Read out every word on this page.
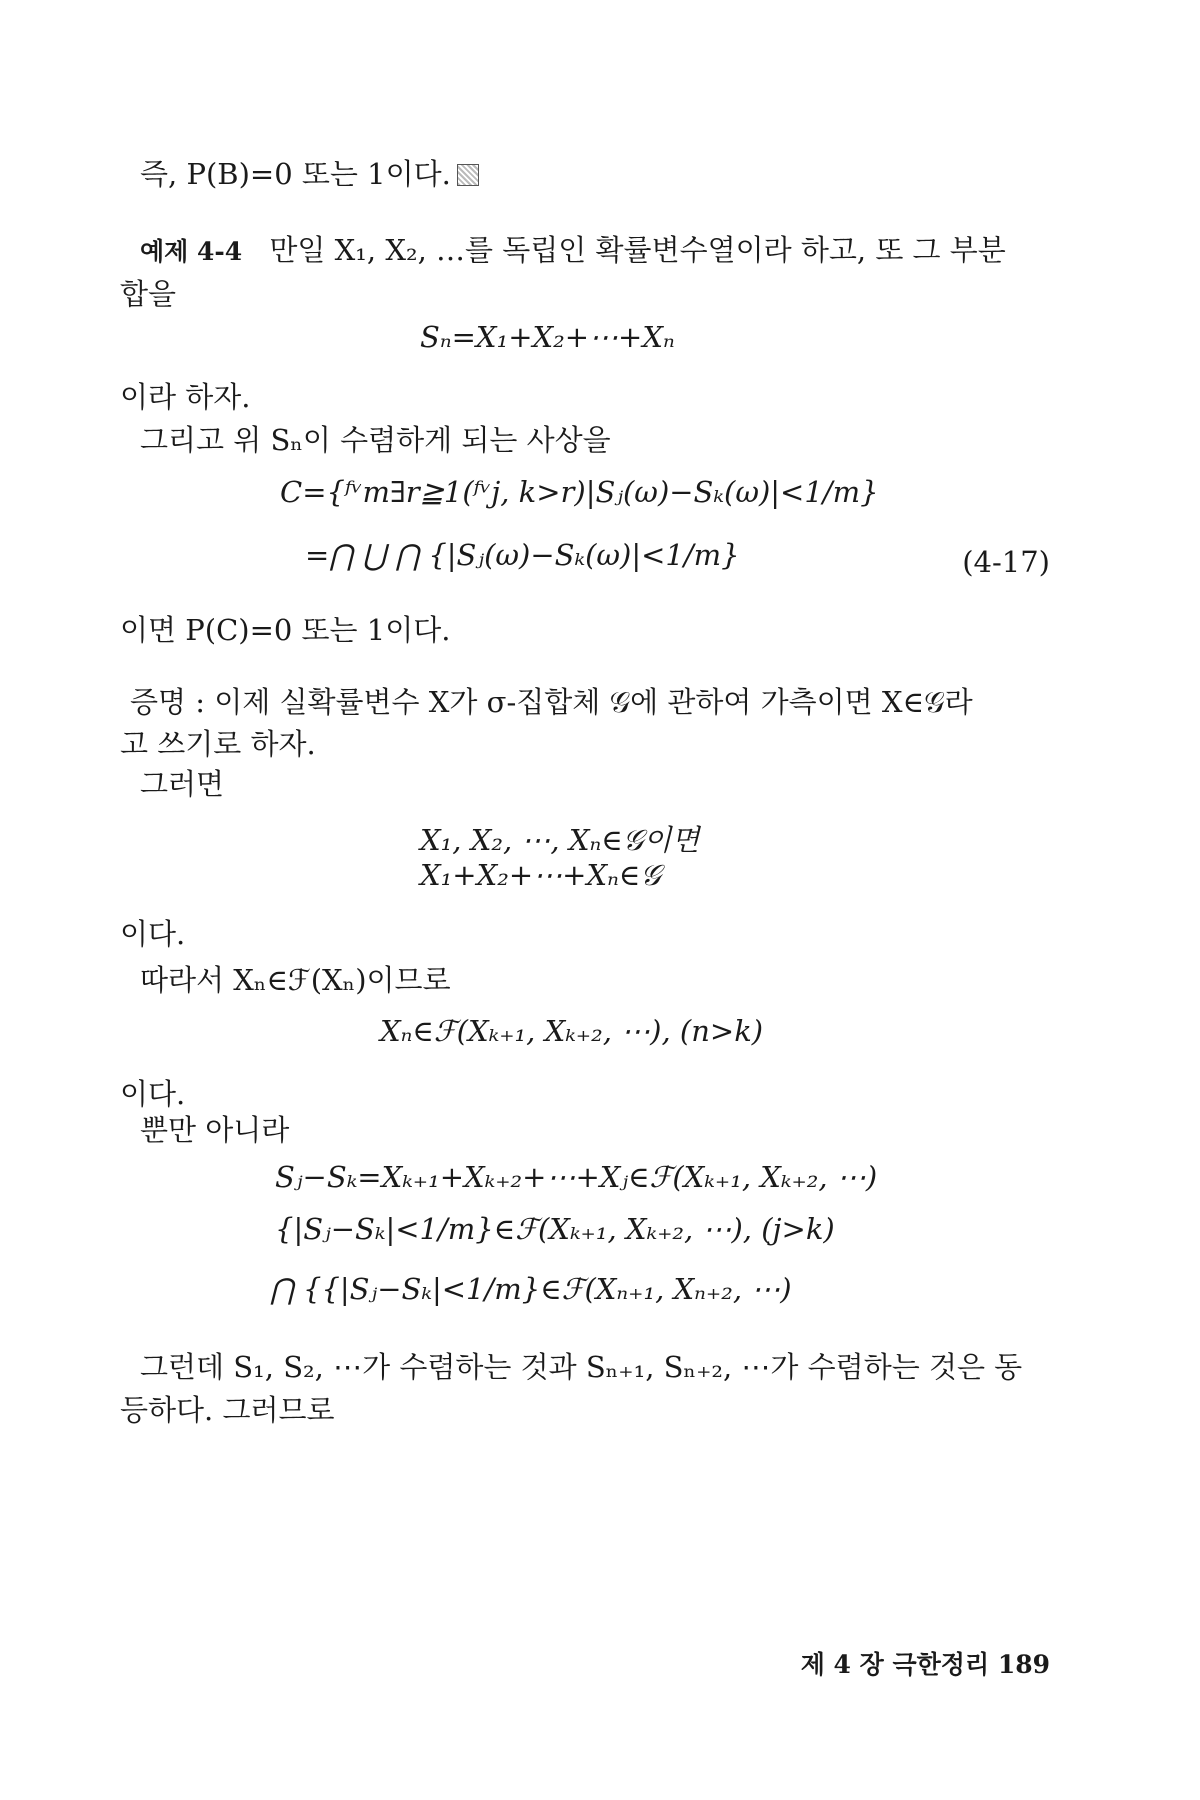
즉, P(B)=0 또는 1이다.
예제 4-4 만일 X₁, X₂, …를 독립인 확률변수열이라 하고, 또 그 부분
합을
Sₙ=X₁+X₂+⋯+Xₙ
이라 하자.
그리고 위 Sₙ이 수렴하게 되는 사상을
C={ᶠᵛm∃r≧1(ᶠᵛj, k>r)|Sⱼ(ω)−Sₖ(ω)|<1/m}
=⋂ ⋃ ⋂ {|Sⱼ(ω)−Sₖ(ω)|<1/m}	(4-17)
이면 P(C)=0 또는 1이다.
증명 : 이제 실확률변수 X가 σ-집합체 𝒢에 관하여 가측이면 X∈𝒢라
고 쓰기로 하자.
그러면
X₁, X₂, ⋯, Xₙ∈𝒢이면
X₁+X₂+⋯+Xₙ∈𝒢
이다.
따라서 Xₙ∈ℱ(Xₙ)이므로
Xₙ∈ℱ(Xₖ₊₁, Xₖ₊₂, ⋯), (n>k)
이다.
뿐만 아니라
Sⱼ−Sₖ=Xₖ₊₁+Xₖ₊₂+⋯+Xⱼ∈ℱ(Xₖ₊₁, Xₖ₊₂, ⋯)
{|Sⱼ−Sₖ|<1/m}∈ℱ(Xₖ₊₁, Xₖ₊₂, ⋯), (j>k)
⋂ {{|Sⱼ−Sₖ|<1/m}∈ℱ(Xₙ₊₁, Xₙ₊₂, ⋯)
그런데 S₁, S₂, ⋯가 수렴하는 것과 Sₙ₊₁, Sₙ₊₂, ⋯가 수렴하는 것은 동
등하다. 그러므로
제 4 장 극한정리 189
